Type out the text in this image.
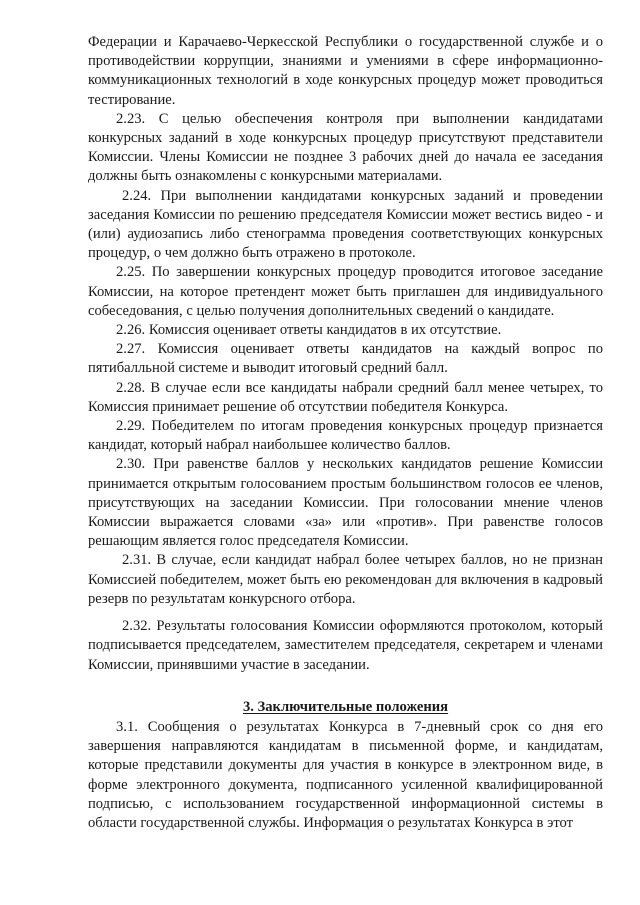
Федерации и Карачаево-Черкесской Республики о государственной службе и о противодействии коррупции, знаниями и умениями в сфере информационно-коммуникационных технологий в ходе конкурсных процедур может проводиться тестирование.

2.23. С целью обеспечения контроля при выполнении кандидатами конкурсных заданий в ходе конкурсных процедур присутствуют представители Комиссии. Члены Комиссии не позднее 3 рабочих дней до начала ее заседания должны быть ознакомлены с конкурсными материалами.

2.24. При выполнении кандидатами конкурсных заданий и проведении заседания Комиссии по решению председателя Комиссии может вестись видео - и (или) аудиозапись либо стенограмма проведения соответствующих конкурсных процедур, о чем должно быть отражено в протоколе.

2.25. По завершении конкурсных процедур проводится итоговое заседание Комиссии, на которое претендент может быть приглашен для индивидуального собеседования, с целью получения дополнительных сведений о кандидате.

2.26. Комиссия оценивает ответы кандидатов в их отсутствие.

2.27. Комиссия оценивает ответы кандидатов на каждый вопрос по пятибалльной системе и выводит итоговый средний балл.

2.28. В случае если все кандидаты набрали средний балл менее четырех, то Комиссия принимает решение об отсутствии победителя Конкурса.

2.29. Победителем по итогам проведения конкурсных процедур признается кандидат, который набрал наибольшее количество баллов.

2.30. При равенстве баллов у нескольких кандидатов решение Комиссии принимается открытым голосованием простым большинством голосов ее членов, присутствующих на заседании Комиссии. При голосовании мнение членов Комиссии выражается словами «за» или «против». При равенстве голосов решающим является голос председателя Комиссии.

2.31. В случае, если кандидат набрал более четырех баллов, но не признан Комиссией победителем, может быть ею рекомендован для включения в кадровый резерв по результатам конкурсного отбора.

2.32. Результаты голосования Комиссии оформляются протоколом, который подписывается председателем, заместителем председателя, секретарем и членами Комиссии, принявшими участие в заседании.

3. Заключительные положения

3.1. Сообщения о результатах Конкурса в 7-дневный срок со дня его завершения направляются кандидатам в письменной форме, и кандидатам, которые представили документы для участия в конкурсе в электронном виде, в форме электронного документа, подписанного усиленной квалифицированной подписью, с использованием государственной информационной системы в области государственной службы. Информация о результатах Конкурса в этот
